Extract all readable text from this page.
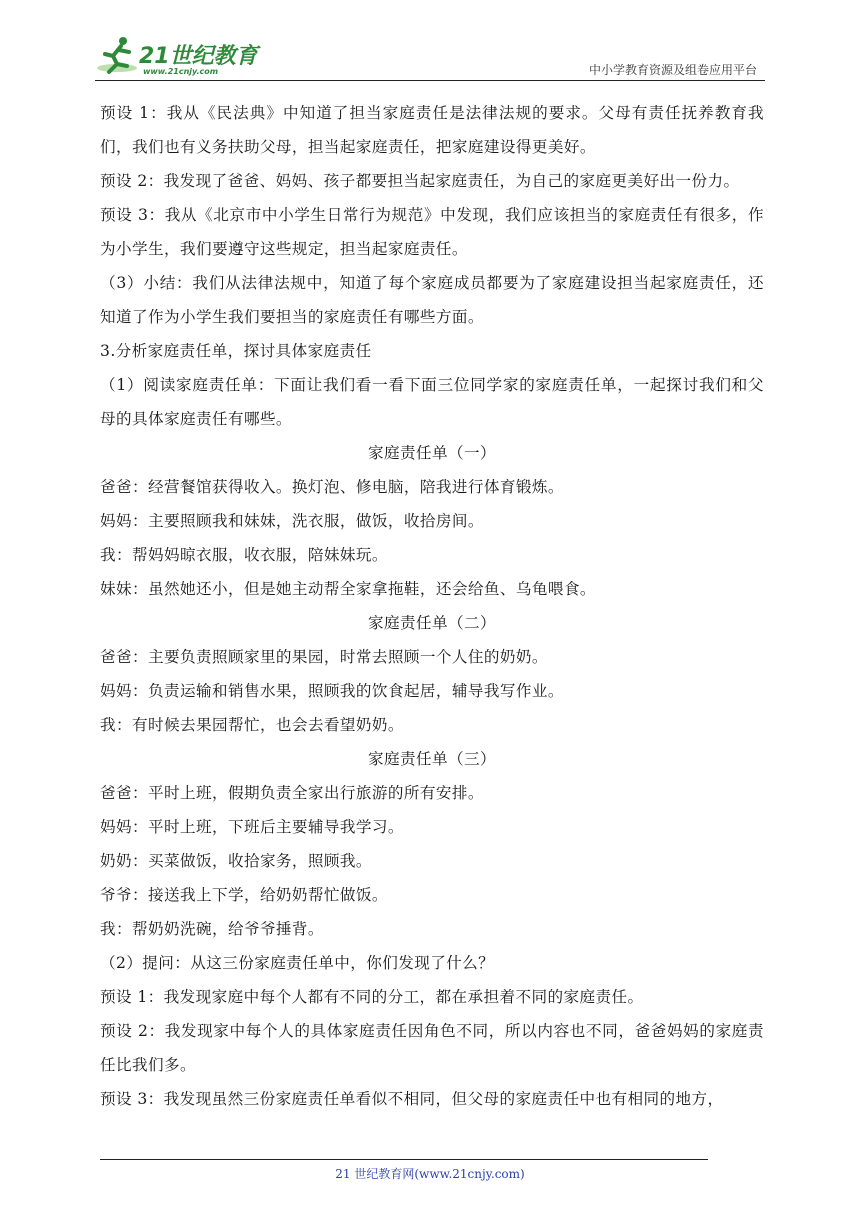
21世纪教育
www.21cnjy.com	中小学教育资源及组卷应用平台

预设 1：我从《民法典》中知道了担当家庭责任是法律法规的要求。父母有责任抚养教育我们，我们也有义务扶助父母，担当起家庭责任，把家庭建设得更美好。

预设 2：我发现了爸爸、妈妈、孩子都要担当起家庭责任，为自己的家庭更美好出一份力。

预设 3：我从《北京市中小学生日常行为规范》中发现，我们应该担当的家庭责任有很多，作为小学生，我们要遵守这些规定，担当起家庭责任。

（3）小结：我们从法律法规中，知道了每个家庭成员都要为了家庭建设担当起家庭责任，还知道了作为小学生我们要担当的家庭责任有哪些方面。

3.分析家庭责任单，探讨具体家庭责任

（1）阅读家庭责任单：下面让我们看一看下面三位同学家的家庭责任单，一起探讨我们和父母的具体家庭责任有哪些。

家庭责任单（一）

爸爸：经营餐馆获得收入。换灯泡、修电脑，陪我进行体育锻炼。

妈妈：主要照顾我和妹妹，洗衣服，做饭，收拾房间。

我：帮妈妈晾衣服，收衣服，陪妹妹玩。

妹妹：虽然她还小，但是她主动帮全家拿拖鞋，还会给鱼、乌龟喂食。

家庭责任单（二）

爸爸：主要负责照顾家里的果园，时常去照顾一个人住的奶奶。

妈妈：负责运输和销售水果，照顾我的饮食起居，辅导我写作业。

我：有时候去果园帮忙，也会去看望奶奶。

家庭责任单（三）

爸爸：平时上班，假期负责全家出行旅游的所有安排。

妈妈：平时上班，下班后主要辅导我学习。

奶奶：买菜做饭，收拾家务，照顾我。

爷爷：接送我上下学，给奶奶帮忙做饭。

我：帮奶奶洗碗，给爷爷捶背。

（2）提问：从这三份家庭责任单中，你们发现了什么？

预设 1：我发现家庭中每个人都有不同的分工，都在承担着不同的家庭责任。

预设 2：我发现家中每个人的具体家庭责任因角色不同，所以内容也不同，爸爸妈妈的家庭责任比我们多。

预设 3：我发现虽然三份家庭责任单看似不相同，但父母的家庭责任中也有相同的地方，

21 世纪教育网(www.21cnjy.com)
